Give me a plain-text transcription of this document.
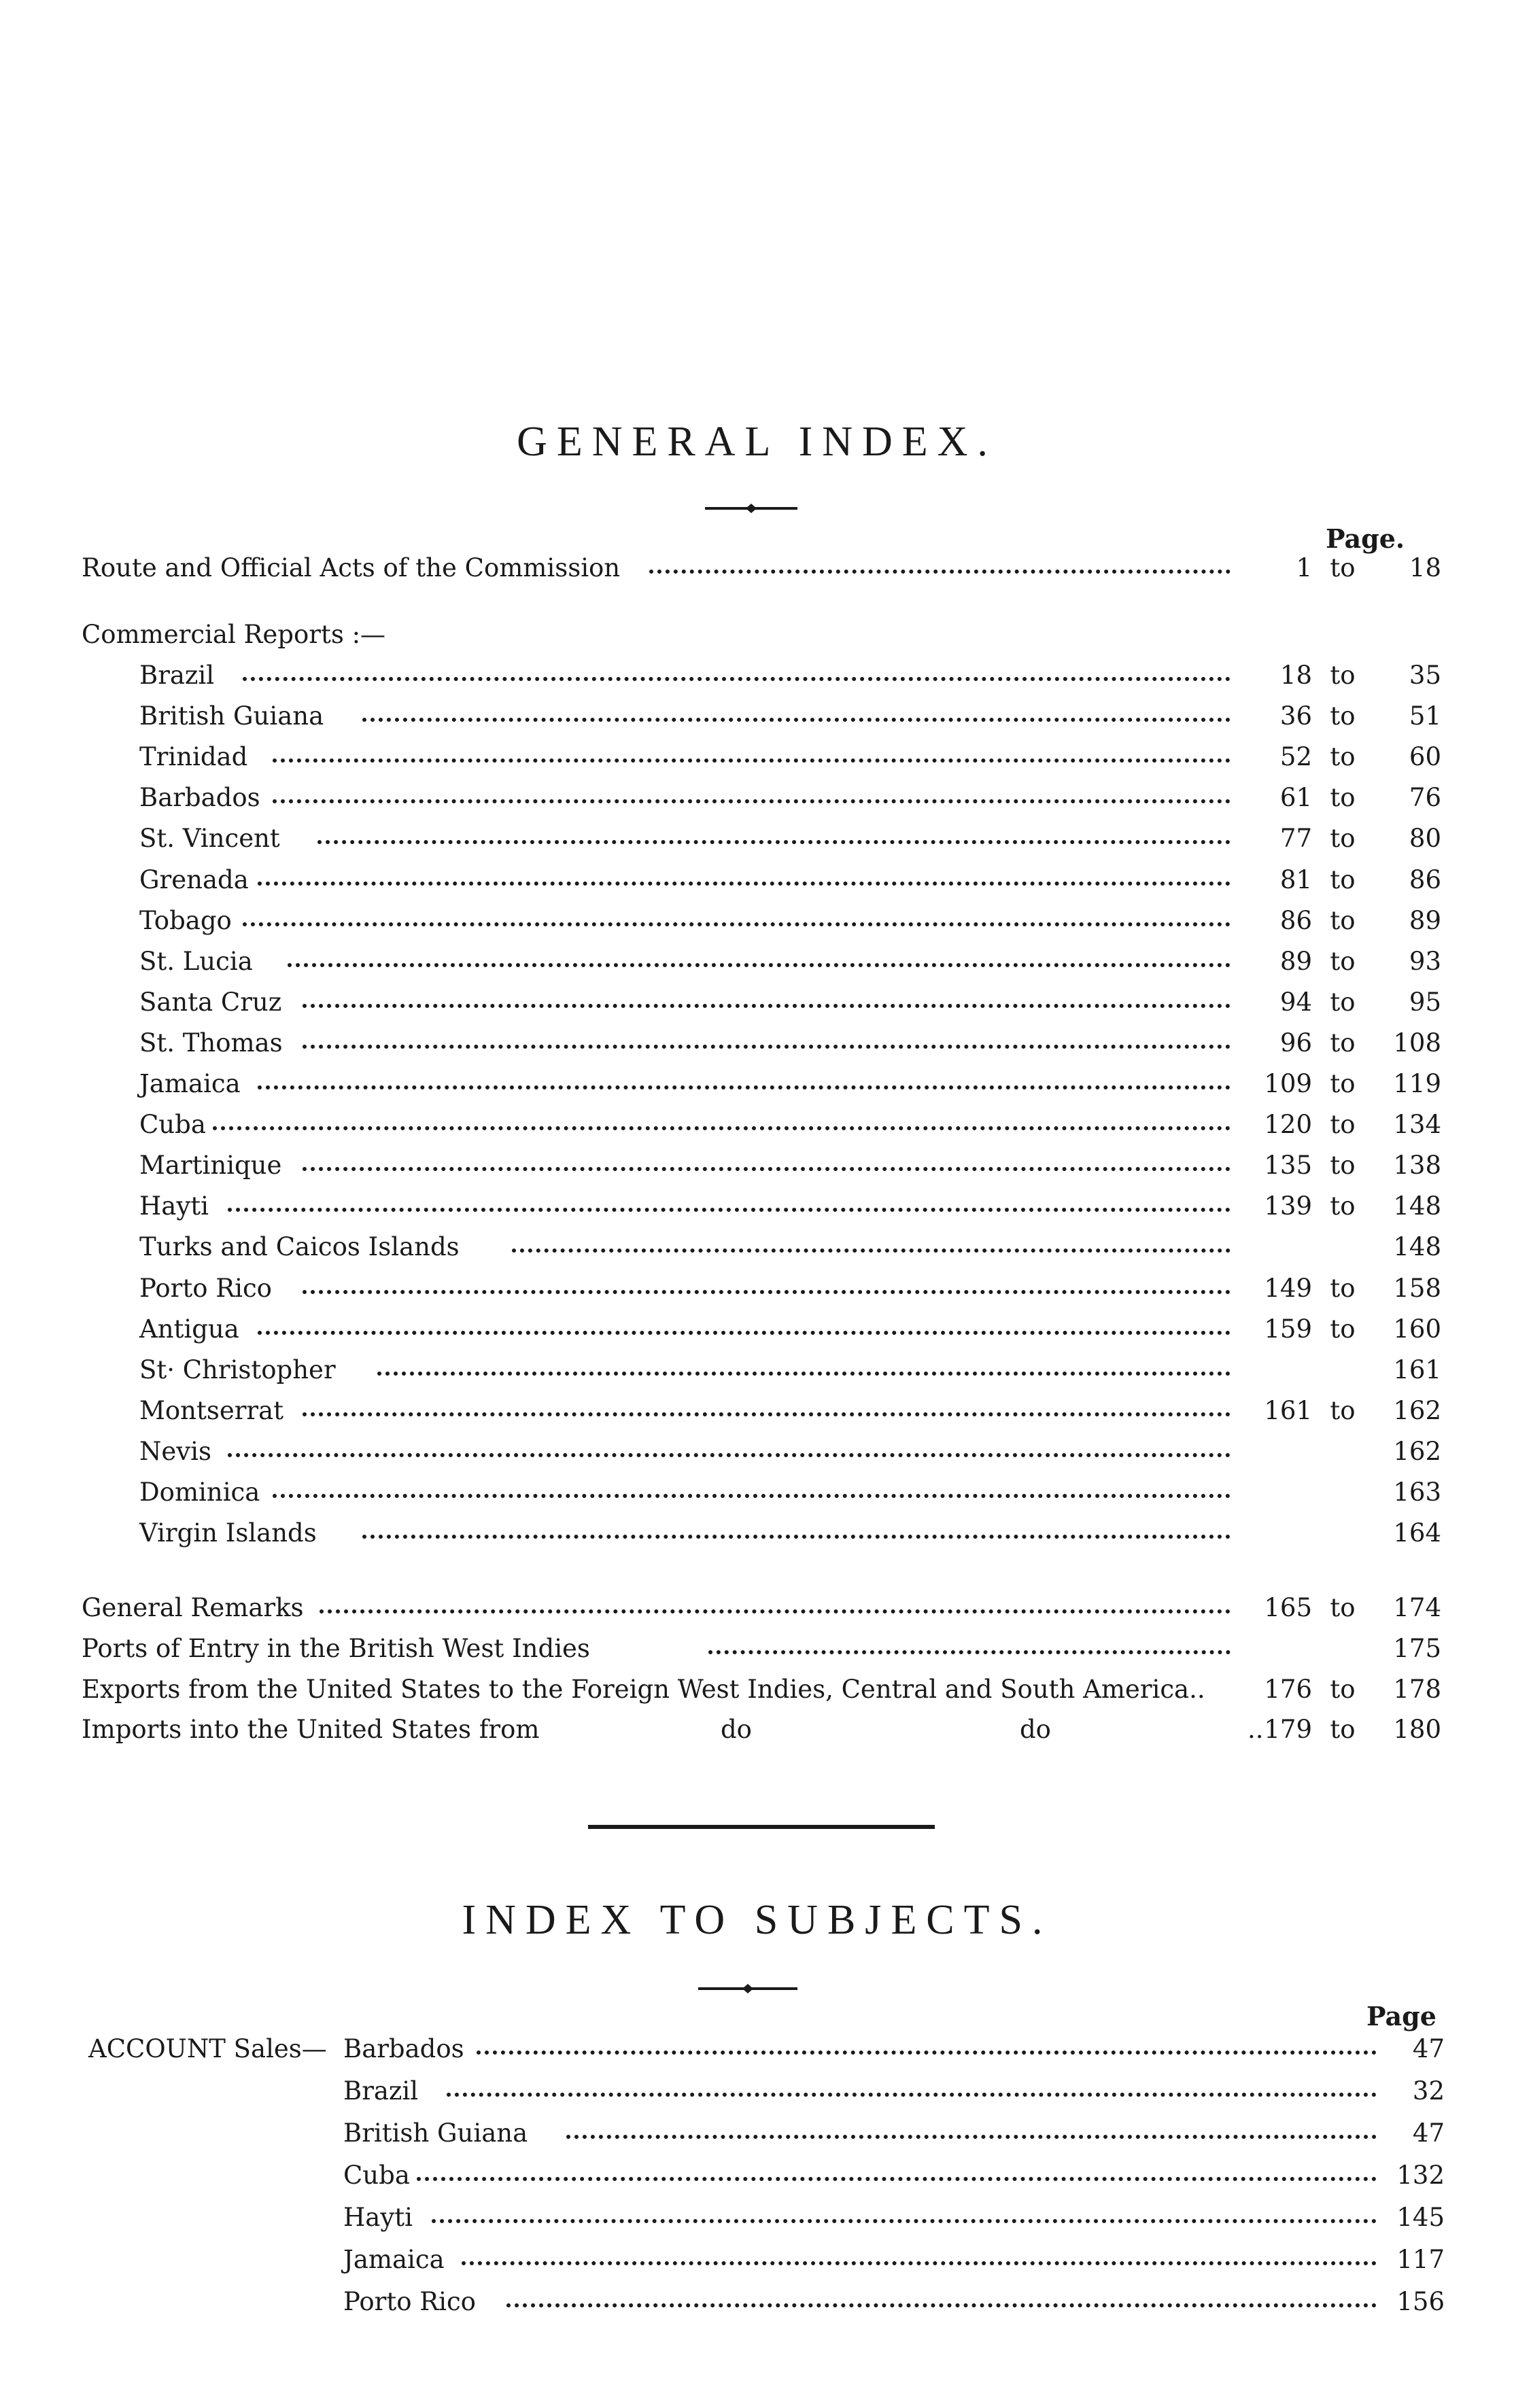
GENERAL INDEX.
Page.
Route and Official Acts of the Commission	1 to 18
Commercial Reports :—
Brazil	18 to 35
British Guiana	36 to 51
Trinidad	52 to 60
Barbados	61 to 76
St. Vincent	77 to 80
Grenada	81 to 86
Tobago	86 to 89
St. Lucia	89 to 93
Santa Cruz	94 to 95
St. Thomas	96 to 108
Jamaica	109 to 119
Cuba	120 to 134
Martinique	135 to 138
Hayti	139 to 148
Turks and Caicos Islands	148
Porto Rico	149 to 158
Antigua	159 to 160
St· Christopher	161
Montserrat	161 to 162
Nevis	162
Dominica	163
Virgin Islands	164
General Remarks	165 to 174
Ports of Entry in the British West Indies	175
Exports from the United States to the Foreign West Indies, Central and South America..	176 to 178
Imports into the United States from	do	do	.. 179 to 180
INDEX TO SUBJECTS.
Page
ACCOUNT Sales— Barbados	47
Brazil	32
British Guiana	47
Cuba	132
Hayti	145
Jamaica	117
Porto Rico	156
